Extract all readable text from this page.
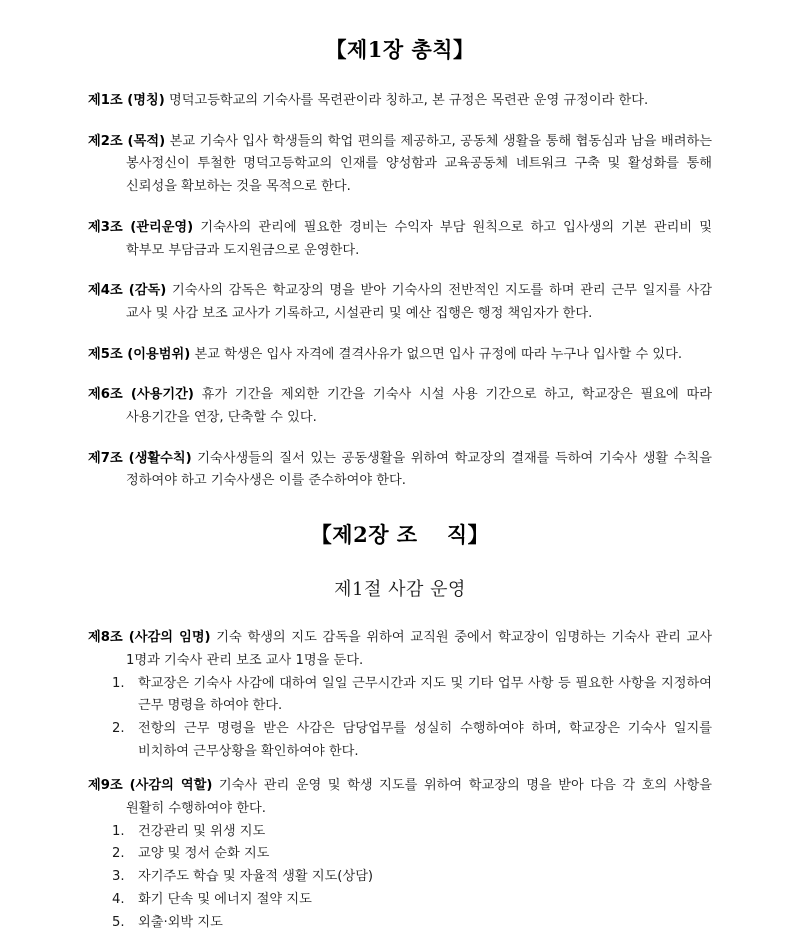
【제1장 총칙】

제1조 (명칭) 명덕고등학교의 기숙사를 목련관이라 칭하고, 본 규정은 목련관 운영 규정이라 한다.

제2조 (목적) 본교 기숙사 입사 학생들의 학업 편의를 제공하고, 공동체 생활을 통해 협동심과 남을 배려하는 봉사정신이 투철한 명덕고등학교의 인재를 양성함과 교육공동체 네트워크 구축 및 활성화를 통해 신뢰성을 확보하는 것을 목적으로 한다.

제3조 (관리운영) 기숙사의 관리에 필요한 경비는 수익자 부담 원칙으로 하고 입사생의 기본 관리비 및 학부모 부담금과 도지원금으로 운영한다.

제4조 (감독) 기숙사의 감독은 학교장의 명을 받아 기숙사의 전반적인 지도를 하며 관리 근무 일지를 사감 교사 및 사감 보조 교사가 기록하고, 시설관리 및 예산 집행은 행정 책임자가 한다.

제5조 (이용범위) 본교 학생은 입사 자격에 결격사유가 없으면 입사 규정에 따라 누구나 입사할 수 있다.

제6조 (사용기간) 휴가 기간을 제외한 기간을 기숙사 시설 사용 기간으로 하고, 학교장은 필요에 따라 사용기간을 연장, 단축할 수 있다.

제7조 (생활수칙) 기숙사생들의 질서 있는 공동생활을 위하여 학교장의 결재를 득하여 기숙사 생활 수칙을 정하여야 하고 기숙사생은 이를 준수하여야 한다.

【제2장 조　 직】
제1절 사감 운영

제8조 (사감의 임명) 기숙 학생의 지도 감독을 위하여 교직원 중에서 학교장이 임명하는 기숙사 관리 교사 1명과 기숙사 관리 보조 교사 1명을 둔다.

1. 학교장은 기숙사 사감에 대하여 일일 근무시간과 지도 및 기타 업무 사항 등 필요한 사항을 지정하여 근무 명령을 하여야 한다.
2. 전항의 근무 명령을 받은 사감은 담당업무를 성실히 수행하여야 하며, 학교장은 기숙사 일지를 비치하여 근무상황을 확인하여야 한다.

제9조 (사감의 역할) 기숙사 관리 운영 및 학생 지도를 위하여 학교장의 명을 받아 다음 각 호의 사항을 원활히 수행하여야 한다.

1. 건강관리 및 위생 지도
2. 교양 및 정서 순화 지도
3. 자기주도 학습 및 자율적 생활 지도(상담)
4. 화기 단속 및 에너지 절약 지도
5. 외출·외박 지도
